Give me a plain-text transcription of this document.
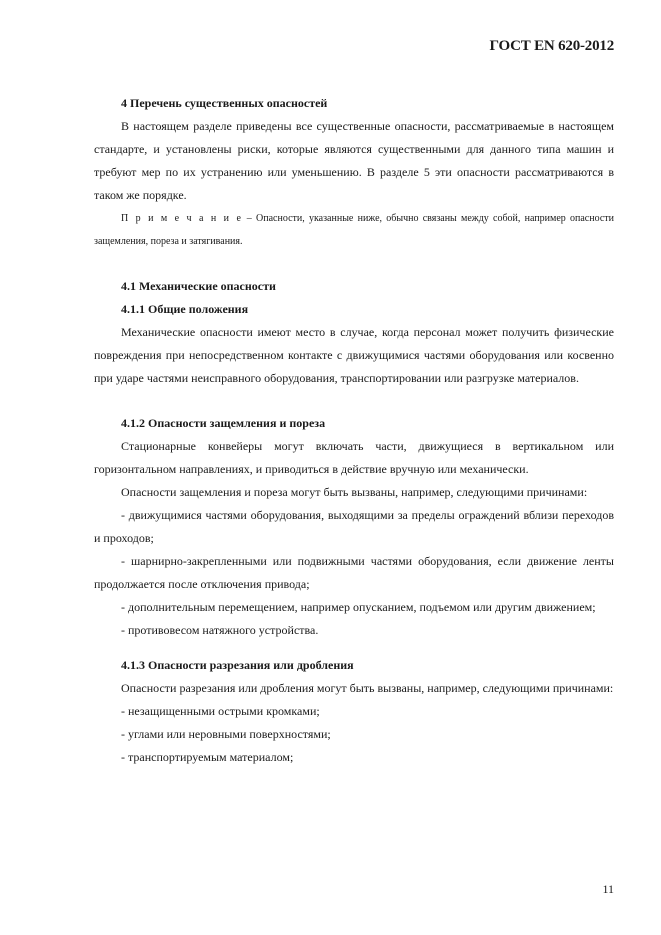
ГОСТ EN 620-2012

4 Перечень существенных опасностей

В настоящем разделе приведены все существенные опасности, рассматриваемые в настоящем стандарте, и установлены риски, которые являются существенными для данного типа машин и требуют мер по их устранению или уменьшению. В разделе 5 эти опасности рассматриваются в таком же порядке.

П р и м е ч а н и е – Опасности, указанные ниже, обычно связаны между собой, например опасности защемления, пореза и затягивания.

4.1 Механические опасности

4.1.1 Общие положения

Механические опасности имеют место в случае, когда персонал может получить физические повреждения при непосредственном контакте с движущимися частями оборудования или косвенно при ударе частями неисправного оборудования, транспортировании или разгрузке материалов.

4.1.2 Опасности защемления и пореза

Стационарные конвейеры могут включать части, движущиеся в вертикальном или горизонтальном направлениях, и приводиться в действие вручную или механически.

Опасности защемления и пореза могут быть вызваны, например, следующими причинами:

- движущимися частями оборудования, выходящими за пределы ограждений вблизи переходов и проходов;

- шарнирно-закрепленными или подвижными частями оборудования, если движение ленты продолжается после отключения привода;

- дополнительным перемещением, например опусканием, подъемом или другим движением;

- противовесом натяжного устройства.

4.1.3 Опасности разрезания или дробления

Опасности разрезания или дробления могут быть вызваны, например, следующими причинами:

- незащищенными острыми кромками;

- углами или неровными поверхностями;

- транспортируемым материалом;

11
